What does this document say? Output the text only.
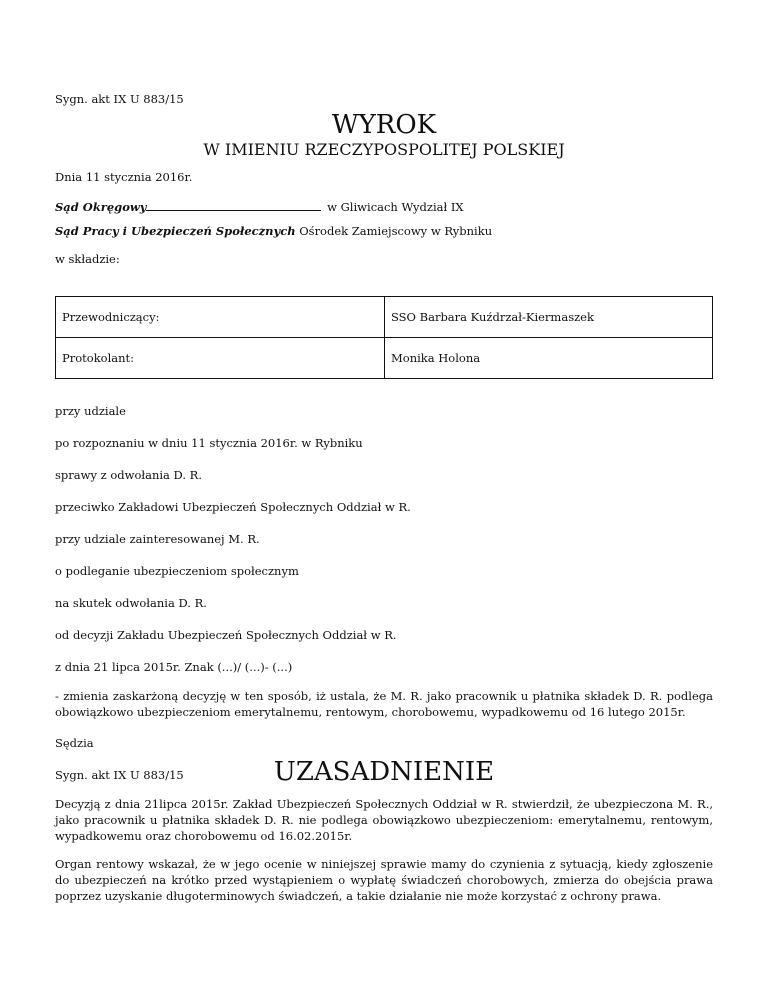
Sygn. akt IX U 883/15
WYROK
W IMIENIU RZECZYPOSPOLITEJ POLSKIEJ
Dnia 11 stycznia 2016r.
Sąd Okręgowy	w Gliwicach Wydział IX
Sąd Pracy i Ubezpieczeń Społecznych Ośrodek Zamiejscowy w Rybniku
w składzie:
Przewodniczący:	SSO Barbara Kuźdrzał-Kiermaszek
Protokolant:	Monika Holona
przy udziale
po rozpoznaniu w dniu 11 stycznia 2016r. w Rybniku
sprawy z odwołania D. R.
przeciwko Zakładowi Ubezpieczeń Społecznych Oddział w R.
przy udziale zainteresowanej M. R.
o podleganie ubezpieczeniom społecznym
na skutek odwołania D. R.
od decyzji Zakładu Ubezpieczeń Społecznych Oddział w R.
z dnia 21 lipca 2015r. Znak (...)/ (...)- (...)
- zmienia zaskarżoną decyzję w ten sposób, iż ustala, że M. R. jako pracownik u płatnika składek D. R. podlega obowiązkowo ubezpieczeniom emerytalnemu, rentowym, chorobowemu, wypadkowemu od 16 lutego 2015r.
Sędzia
Sygn. akt IX U 883/15	UZASADNIENIE
Decyzją z dnia 21lipca 2015r. Zakład Ubezpieczeń Społecznych Oddział w R. stwierdził, że ubezpieczona M. R., jako pracownik u płatnika składek D. R. nie podlega obowiązkowo ubezpieczeniom: emerytalnemu, rentowym, wypadkowemu oraz chorobowemu od 16.02.2015r.
Organ rentowy wskazał, że w jego ocenie w niniejszej sprawie mamy do czynienia z sytuacją, kiedy zgłoszenie do ubezpieczeń na krótko przed wystąpieniem o wypłatę świadczeń chorobowych, zmierza do obejścia prawa poprzez uzyskanie długoterminowych świadczeń, a takie działanie nie może korzystać z ochrony prawa.
